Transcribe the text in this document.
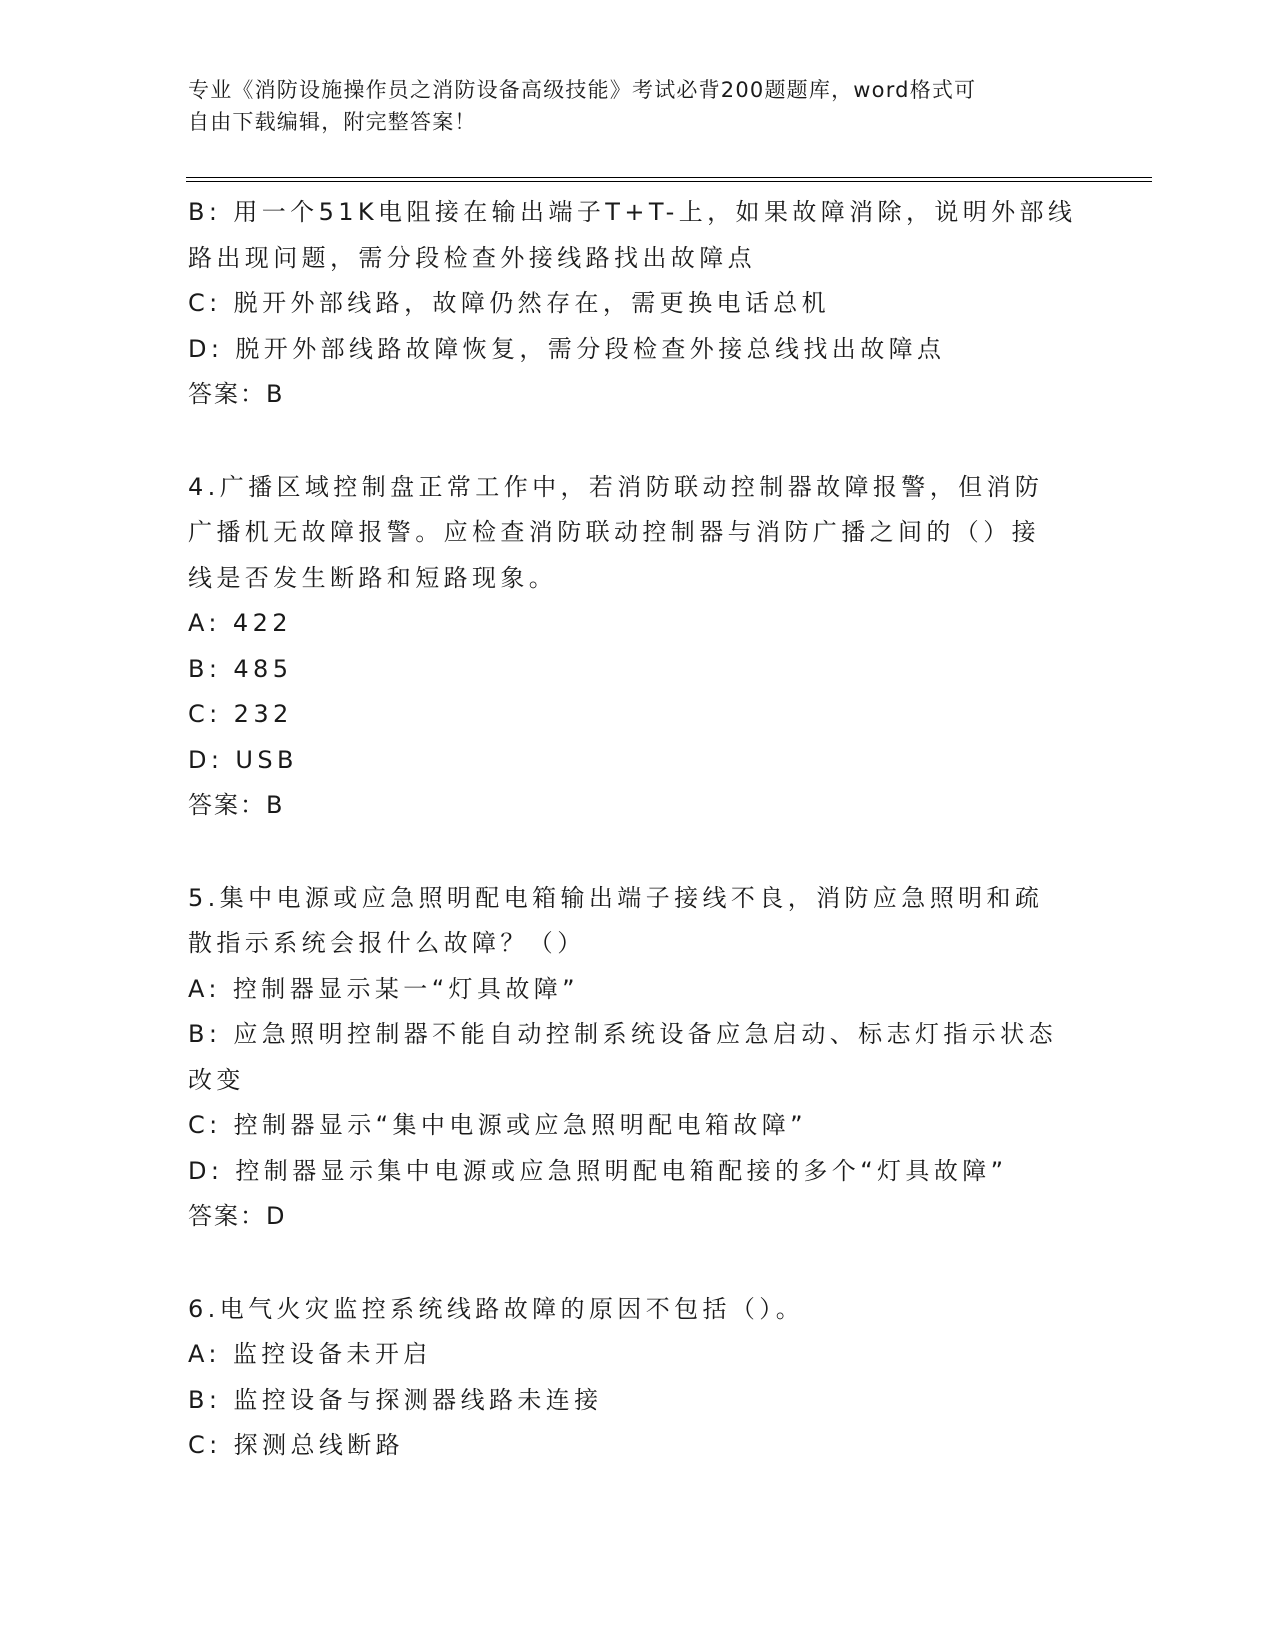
专业《消防设施操作员之消防设备高级技能》考试必背200题题库，word格式可
自由下载编辑，附完整答案！

B: 用一个51K电阻接在输出端子T+T-上，如果故障消除，说明外部线

路出现问题，需分段检查外接线路找出故障点

C: 脱开外部线路，故障仍然存在，需更换电话总机

D: 脱开外部线路故障恢复，需分段检查外接总线找出故障点

答案：B

4.广播区域控制盘正常工作中，若消防联动控制器故障报警，但消防

广播机无故障报警。应检查消防联动控制器与消防广播之间的（）接

线是否发生断路和短路现象。

A: 422

B: 485

C: 232

D: USB

答案：B

5.集中电源或应急照明配电箱输出端子接线不良，消防应急照明和疏

散指示系统会报什么故障？（）

A: 控制器显示某一“灯具故障”

B: 应急照明控制器不能自动控制系统设备应急启动、标志灯指示状态

改变

C: 控制器显示“集中电源或应急照明配电箱故障”

D: 控制器显示集中电源或应急照明配电箱配接的多个“灯具故障”

答案：D

6.电气火灾监控系统线路故障的原因不包括（）。

A: 监控设备未开启

B: 监控设备与探测器线路未连接

C: 探测总线断路
